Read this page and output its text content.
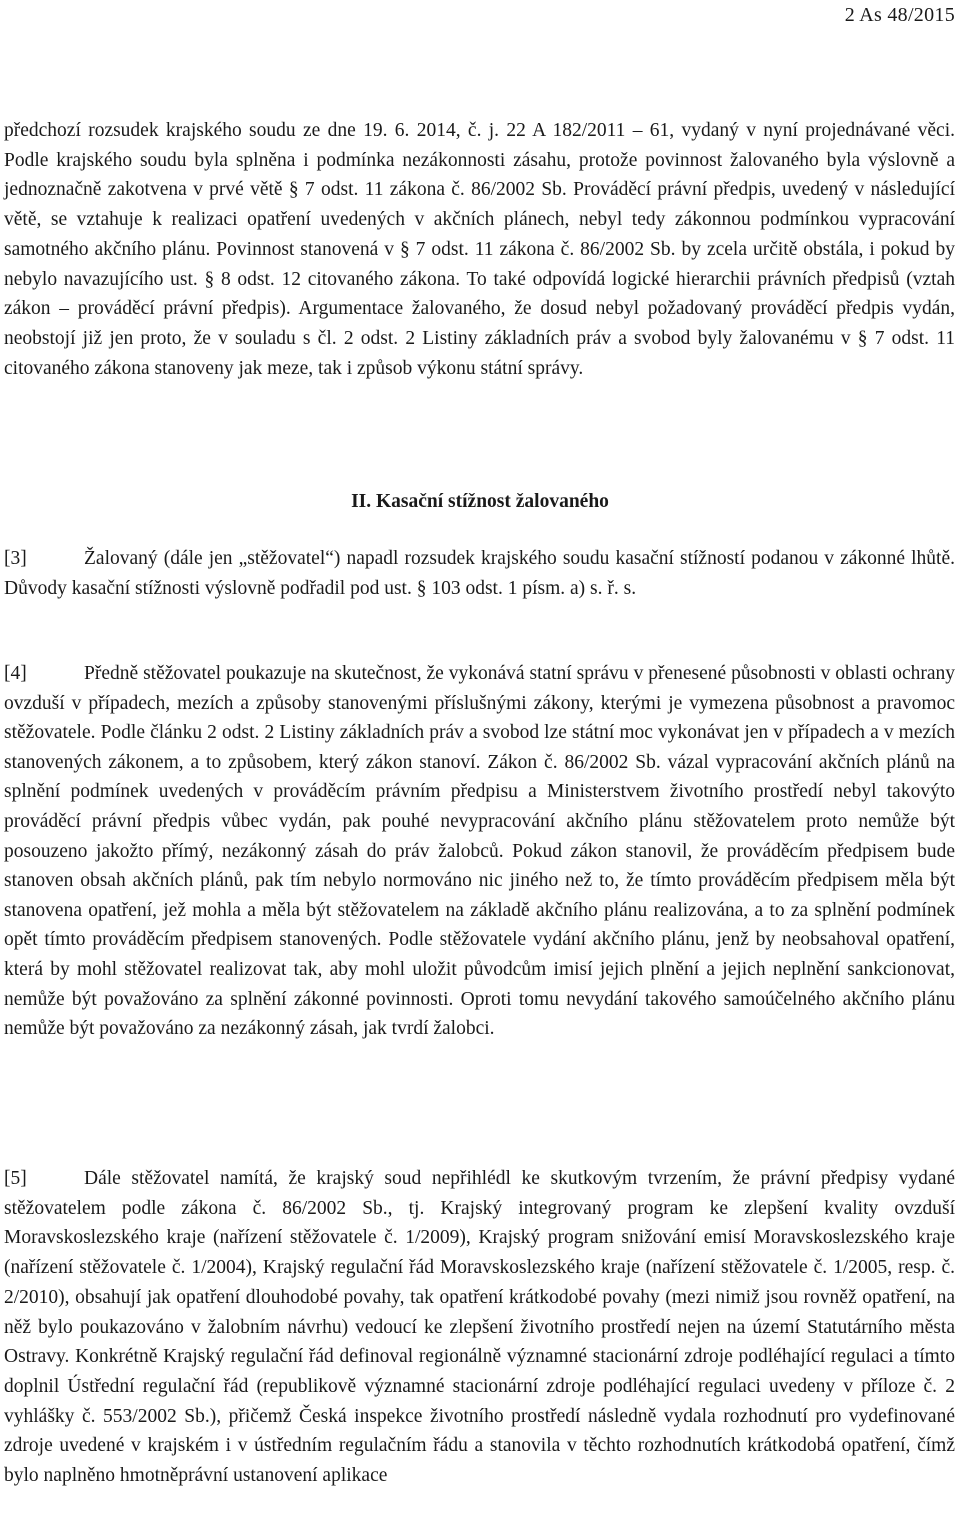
2 As 48/2015
předchozí rozsudek krajského soudu ze dne 19. 6. 2014, č. j. 22 A 182/2011 – 61, vydaný v nyní projednávané věci. Podle krajského soudu byla splněna i podmínka nezákonnosti zásahu, protože povinnost žalovaného byla výslovně a jednoznačně zakotvena v prvé větě § 7 odst. 11 zákona č. 86/2002 Sb. Prováděcí právní předpis, uvedený v následující větě, se vztahuje k realizaci opatření uvedených v akčních plánech, nebyl tedy zákonnou podmínkou vypracování samotného akčního plánu. Povinnost stanovená v § 7 odst. 11 zákona č. 86/2002 Sb. by zcela určitě obstála, i pokud by nebylo navazujícího ust. § 8 odst. 12 citovaného zákona. To také odpovídá logické hierarchii právních předpisů (vztah zákon – prováděcí právní předpis). Argumentace žalovaného, že dosud nebyl požadovaný prováděcí předpis vydán, neobstojí již jen proto, že v souladu s čl. 2 odst. 2 Listiny základních práv a svobod byly žalovanému v § 7 odst. 11 citovaného zákona stanoveny jak meze, tak i způsob výkonu státní správy.
II. Kasační stížnost žalovaného
[3]	Žalovaný (dále jen „stěžovatel“) napadl rozsudek krajského soudu kasační stížností podanou v zákonné lhůtě. Důvody kasační stížnosti výslovně podřadil pod ust. § 103 odst. 1 písm. a) s. ř. s.
[4]	Předně stěžovatel poukazuje na skutečnost, že vykonává statní správu v přenesené působnosti v oblasti ochrany ovzduší v případech, mezích a způsoby stanovenými příslušnými zákony, kterými je vymezena působnost a pravomoc stěžovatele. Podle článku 2 odst. 2 Listiny základních práv a svobod lze státní moc vykonávat jen v případech a v mezích stanovených zákonem, a to způsobem, který zákon stanoví. Zákon č. 86/2002 Sb. vázal vypracování akčních plánů na splnění podmínek uvedených v prováděcím právním předpisu a Ministerstvem životního prostředí nebyl takovýto prováděcí právní předpis vůbec vydán, pak pouhé nevypracování akčního plánu stěžovatelem proto nemůže být posouzeno jakožto přímý, nezákonný zásah do práv žalobců. Pokud zákon stanovil, že prováděcím předpisem bude stanoven obsah akčních plánů, pak tím nebylo normováno nic jiného než to, že tímto prováděcím předpisem měla být stanovena opatření, jež mohla a měla být stěžovatelem na základě akčního plánu realizována, a to za splnění podmínek opět tímto prováděcím předpisem stanovených. Podle stěžovatele vydání akčního plánu, jenž by neobsahoval opatření, která by mohl stěžovatel realizovat tak, aby mohl uložit původcům imisí jejich plnění a jejich neplnění sankcionovat, nemůže být považováno za splnění zákonné povinnosti. Oproti tomu nevydání takového samoúčelného akčního plánu nemůže být považováno za nezákonný zásah, jak tvrdí žalobci.
[5]	Dále stěžovatel namítá, že krajský soud nepřihlédl ke skutkovým tvrzením, že právní předpisy vydané stěžovatelem podle zákona č. 86/2002 Sb., tj. Krajský integrovaný program ke zlepšení kvality ovzduší Moravskoslezského kraje (nařízení stěžovatele č. 1/2009), Krajský program snižování emisí Moravskoslezského kraje (nařízení stěžovatele č. 1/2004), Krajský regulační řád Moravskoslezského kraje (nařízení stěžovatele č. 1/2005, resp. č. 2/2010), obsahují jak opatření dlouhodobé povahy, tak opatření krátkodobé povahy (mezi nimiž jsou rovněž opatření, na něž bylo poukazováno v žalobním návrhu) vedoucí ke zlepšení životního prostředí nejen na území Statutárního města Ostravy. Konkrétně Krajský regulační řád definoval regionálně významné stacionární zdroje podléhající regulaci a tímto doplnil Ústřední regulační řád (republikově významné stacionární zdroje podléhající regulaci uvedeny v příloze č. 2 vyhlášky č. 553/2002 Sb.), přičemž Česká inspekce životního prostředí následně vydala rozhodnutí pro vydefinované zdroje uvedené v krajském i v ústředním regulačním řádu a stanovila v těchto rozhodnutích krátkodobá opatření, čímž bylo naplněno hmotněprávní ustanovení aplikace
